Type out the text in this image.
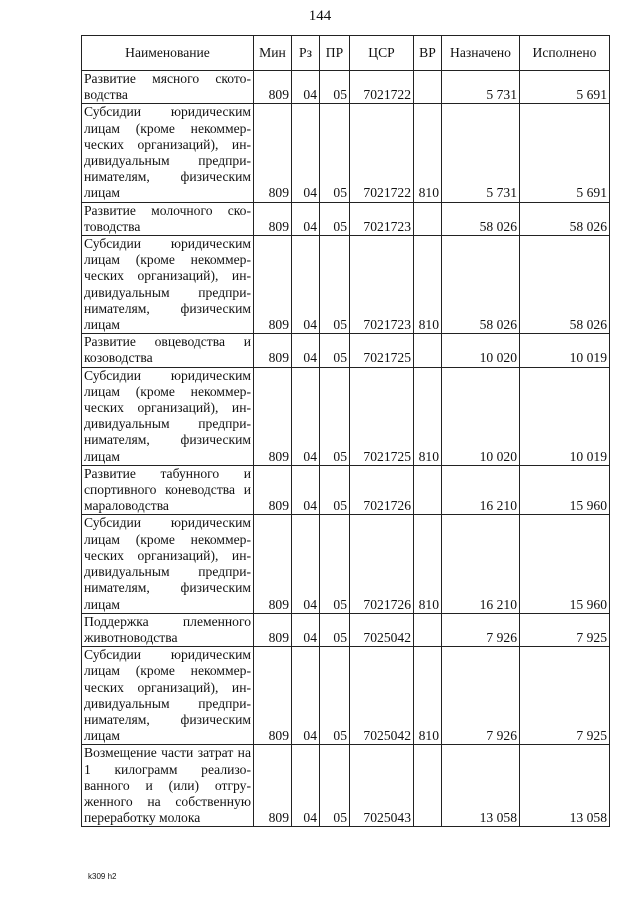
144
Наименование	Мин	Рз	ПР	ЦСР	ВР	Назначено	Исполнено
Развитие мясного ското-водства	809	04	05	7021722		5 731	5 691
Субсидии юридическим лицам (кроме некоммер-ческих организаций), ин-дивидуальным предпри-нимателям, физическим лицам	809	04	05	7021722	810	5 731	5 691
Развитие молочного ско-товодства	809	04	05	7021723		58 026	58 026
Субсидии юридическим лицам (кроме некоммер-ческих организаций), ин-дивидуальным предпри-нимателям, физическим лицам	809	04	05	7021723	810	58 026	58 026
Развитие овцеводства и козоводства	809	04	05	7021725		10 020	10 019
Субсидии юридическим лицам (кроме некоммер-ческих организаций), ин-дивидуальным предпри-нимателям, физическим лицам	809	04	05	7021725	810	10 020	10 019
Развитие табунного и спортивного коневодства и мараловодства	809	04	05	7021726		16 210	15 960
Субсидии юридическим лицам (кроме некоммер-ческих организаций), ин-дивидуальным предпри-нимателям, физическим лицам	809	04	05	7021726	810	16 210	15 960
Поддержка племенного животноводства	809	04	05	7025042		7 926	7 925
Субсидии юридическим лицам (кроме некоммер-ческих организаций), ин-дивидуальным предпри-нимателям, физическим лицам	809	04	05	7025042	810	7 926	7 925
Возмещение части затрат на 1 килограмм реализо-ванного и (или) отгру-женного на собственную переработку молока	809	04	05	7025043		13 058	13 058
k309 h2
